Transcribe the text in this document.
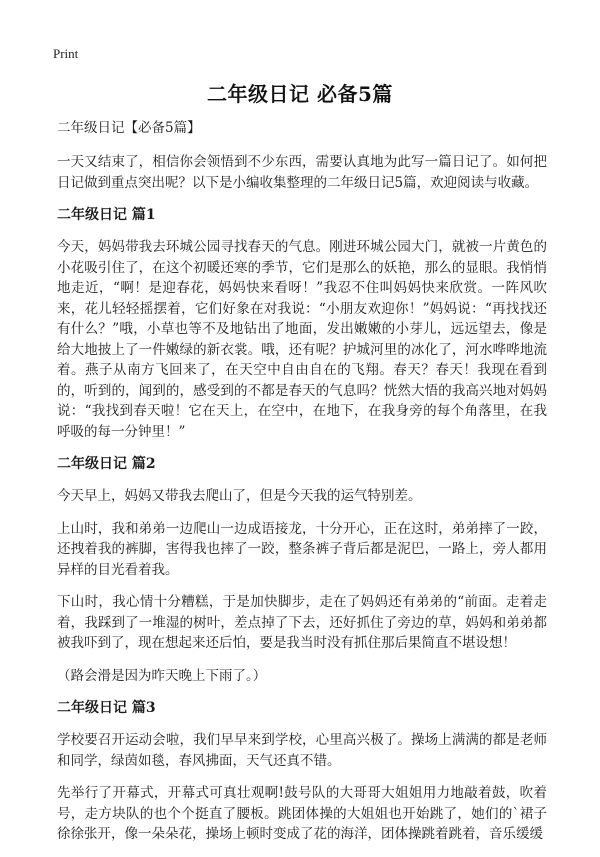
Print
二年级日记 必备5篇

二年级日记【必备5篇】

一天又结束了，相信你会领悟到不少东西，需要认真地为此写一篇日记了。如何把日记做到重点突出呢？以下是小编收集整理的二年级日记5篇，欢迎阅读与收藏。

二年级日记 篇1

今天，妈妈带我去环城公园寻找春天的气息。刚进环城公园大门，就被一片黄色的小花吸引住了，在这个初暖还寒的季节，它们是那么的妖艳，那么的显眼。我悄悄地走近，“啊！是迎春花，妈妈快来看呀！”我忍不住叫妈妈快来欣赏。一阵风吹来，花儿轻轻摇摆着，它们好象在对我说：“小朋友欢迎你！”妈妈说：“再找找还有什么？”哦，小草也等不及地钻出了地面，发出嫩嫩的小芽儿，远远望去，像是给大地披上了一件嫩绿的新衣裳。哦，还有呢？护城河里的冰化了，河水哗哗地流着。燕子从南方飞回来了，在天空中自由自在的飞翔。春天？春天！我现在看到的，听到的，闻到的，感受到的不都是春天的气息吗？恍然大悟的我高兴地对妈妈说：“我找到春天啦！它在天上，在空中，在地下，在我身旁的每个角落里，在我呼吸的每一分钟里！”

二年级日记 篇2

今天早上，妈妈又带我去爬山了，但是今天我的运气特别差。

上山时，我和弟弟一边爬山一边成语接龙，十分开心，正在这时，弟弟摔了一跤，还拽着我的裤脚，害得我也摔了一跤，整条裤子背后都是泥巴，一路上，旁人都用异样的目光看着我。

下山时，我心情十分糟糕，于是加快脚步，走在了妈妈还有弟弟的“前面。走着走着，我踩到了一堆湿的树叶，差点掉了下去，还好抓住了旁边的草，妈妈和弟弟都被我吓到了，现在想起来还后怕，要是我当时没有抓住那后果简直不堪设想！

（路会滑是因为昨天晚上下雨了。）

二年级日记 篇3

学校要召开运动会啦，我们早早来到学校，心里高兴极了。操场上满满的都是老师和同学，绿茵如毯，春风拂面，天气还真不错。

先举行了开幕式，开幕式可真壮观啊!鼓号队的大哥哥大姐姐用力地敲着鼓，吹着号，走方块队的也个个挺直了腰板。跳团体操的大姐姐也开始跳了，她们的`裙子徐徐张开，像一朵朵花，操场上顿时变成了花的海洋，团体操跳着跳着，音乐缓缓
